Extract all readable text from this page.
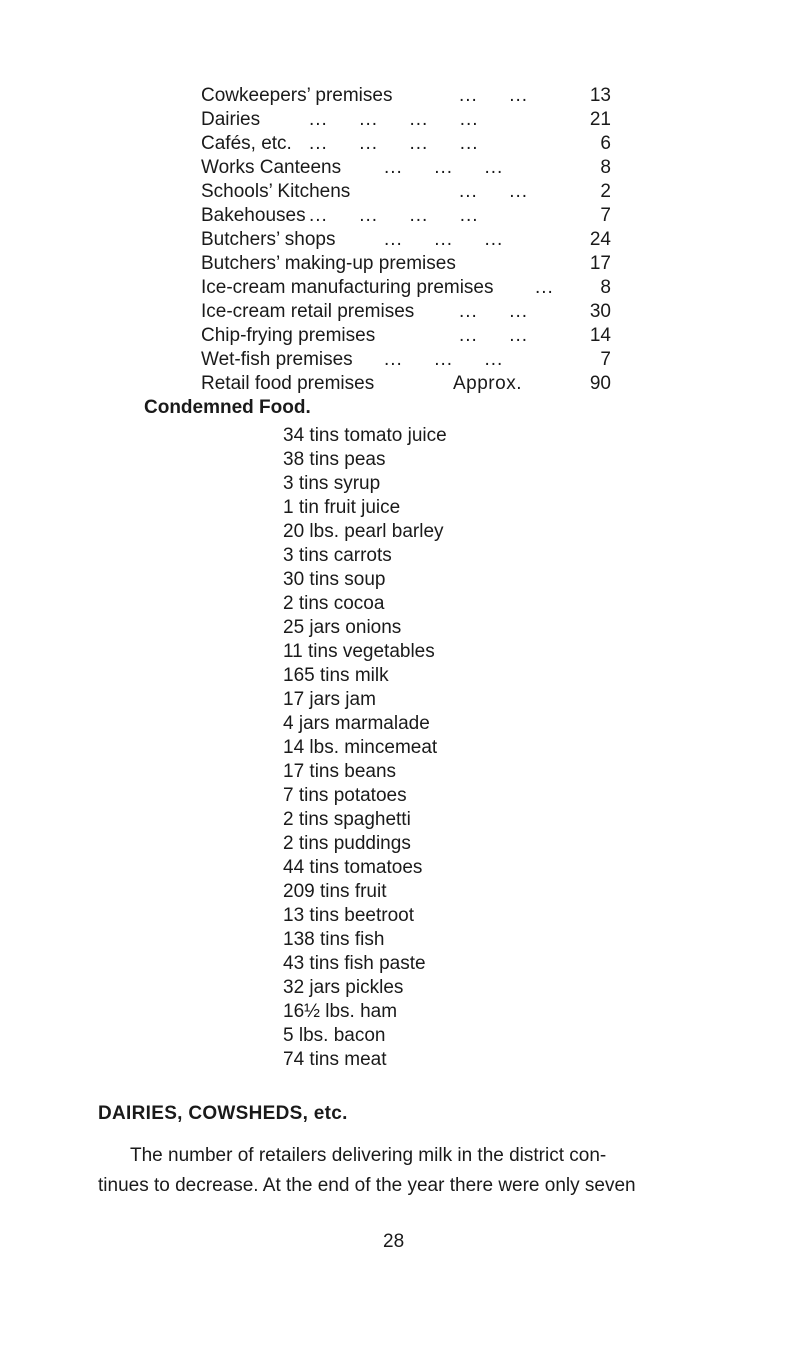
Cowkeepers’ premises	...     ...	13
Dairies	...     ...     ...     ...	21
Cafés, etc. ...     ...     ...     ...	6
Works Canteens ...     ...     ...	8
Schools’ Kitchens	...     ...	2
Bakehouses ...     ...     ...     ...	7
Butchers’ shops	...     ...     ...	24
Butchers’ making-up premises	17
Ice-cream manufacturing premises ... 8
Ice-cream retail premises ...     ...	30
Chip-frying premises	...     ...	14
Wet-fish premises ...     ...     ...	7
Retail food premises	Approx.	90
Condemned Food.
34 tins tomato juice
38 tins peas
3 tins syrup
1 tin fruit juice
20 lbs. pearl barley
3 tins carrots
30 tins soup
2 tins cocoa
25 jars onions
11 tins vegetables
165 tins milk
17 jars jam
4 jars marmalade
14 lbs. mincemeat
17 tins beans
7 tins potatoes
2 tins spaghetti
2 tins puddings
44 tins tomatoes
209 tins fruit
13 tins beetroot
138 tins fish
43 tins fish paste
32 jars pickles
16½ lbs. ham
5 lbs. bacon
74 tins meat
DAIRIES, COWSHEDS, etc.
The number of retailers delivering milk in the district con-
tinues to decrease. At the end of the year there were only seven
28
